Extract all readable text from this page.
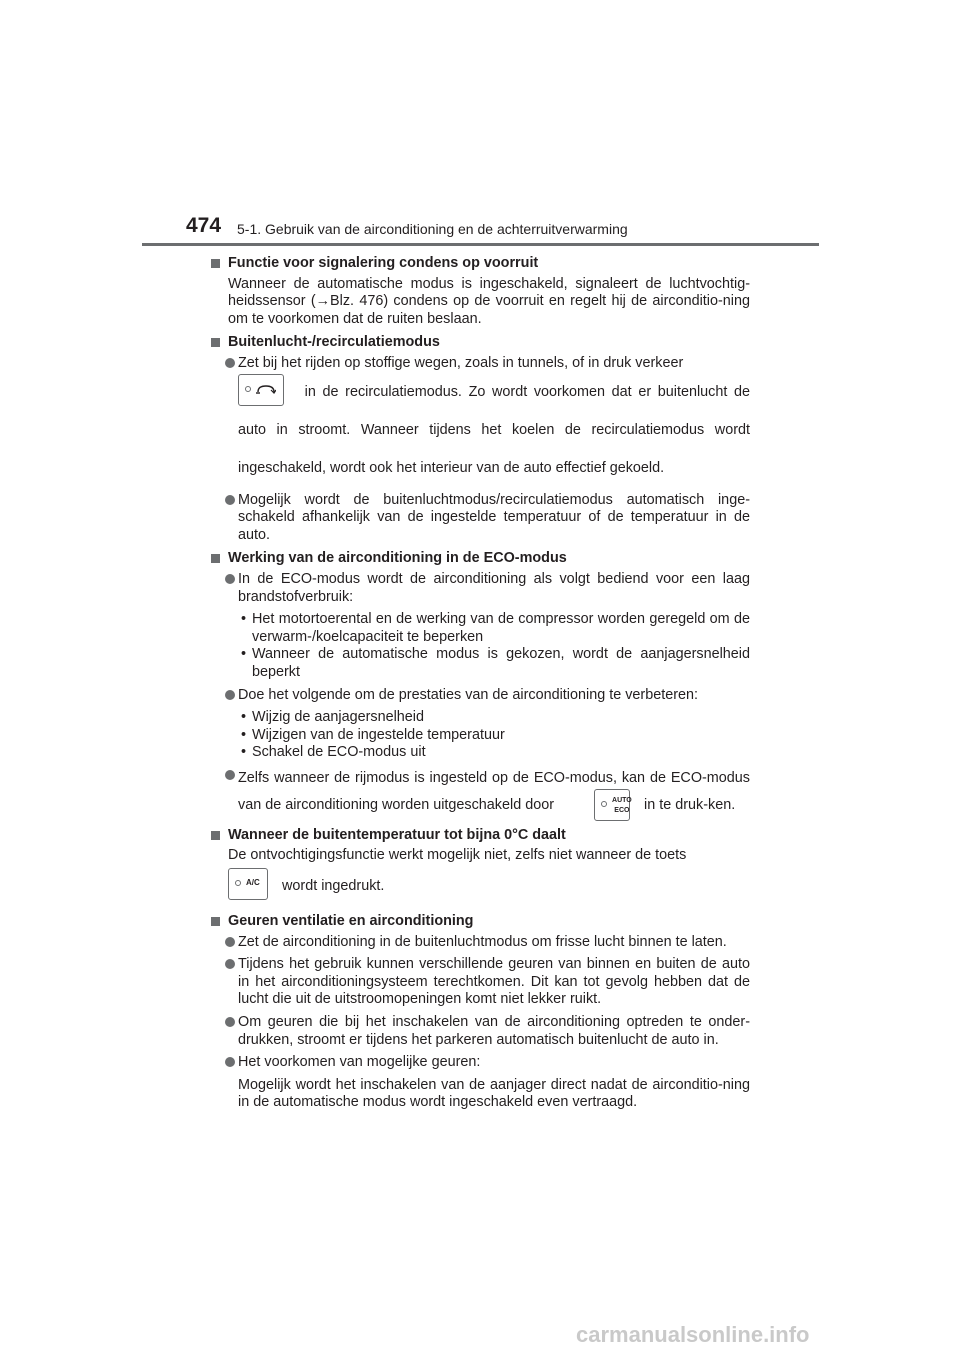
474 5-1. Gebruik van de airconditioning en de achterruitverwarming
Functie voor signalering condens op voorruit
Wanneer de automatische modus is ingeschakeld, signaleert de luchtvochtig-heidssensor (→Blz. 476) condens op de voorruit en regelt hij de airconditio-ning om te voorkomen dat de ruiten beslaan.
Buitenlucht-/recirculatiemodus
Zet bij het rijden op stoffige wegen, zoals in tunnels, of in druk verkeer
in de recirculatiemodus. Zo wordt voorkomen dat er buitenlucht de auto in stroomt. Wanneer tijdens het koelen de recirculatiemodus wordt ingeschakeld, wordt ook het interieur van de auto effectief gekoeld.
Mogelijk wordt de buitenluchtmodus/recirculatiemodus automatisch inge-schakeld afhankelijk van de ingestelde temperatuur of de temperatuur in de auto.
Werking van de airconditioning in de ECO-modus
In de ECO-modus wordt de airconditioning als volgt bediend voor een laag brandstofverbruik:
• Het motortoerental en de werking van de compressor worden geregeld om de verwarm-/koelcapaciteit te beperken
• Wanneer de automatische modus is gekozen, wordt de aanjagersnelheid beperkt
Doe het volgende om de prestaties van de airconditioning te verbeteren:
• Wijzig de aanjagersnelheid
• Wijzigen van de ingestelde temperatuur
• Schakel de ECO-modus uit
Zelfs wanneer de rijmodus is ingesteld op de ECO-modus, kan de ECO-modus van de airconditioning worden uitgeschakeld door	AUTO
ECO in te druk-ken.
Wanneer de buitentemperatuur tot bijna 0°C daalt
De ontvochtigingsfunctie werkt mogelijk niet, zelfs niet wanneer de toets
A/C wordt ingedrukt.
Geuren ventilatie en airconditioning
Zet de airconditioning in de buitenluchtmodus om frisse lucht binnen te laten.
Tijdens het gebruik kunnen verschillende geuren van binnen en buiten de auto in het airconditioningsysteem terechtkomen. Dit kan tot gevolg hebben dat de lucht die uit de uitstroomopeningen komt niet lekker ruikt.
Om geuren die bij het inschakelen van de airconditioning optreden te onder-drukken, stroomt er tijdens het parkeren automatisch buitenlucht de auto in.
Het voorkomen van mogelijke geuren:
Mogelijk wordt het inschakelen van de aanjager direct nadat de airconditio-ning in de automatische modus wordt ingeschakeld even vertraagd.
carmanualsonline.info
